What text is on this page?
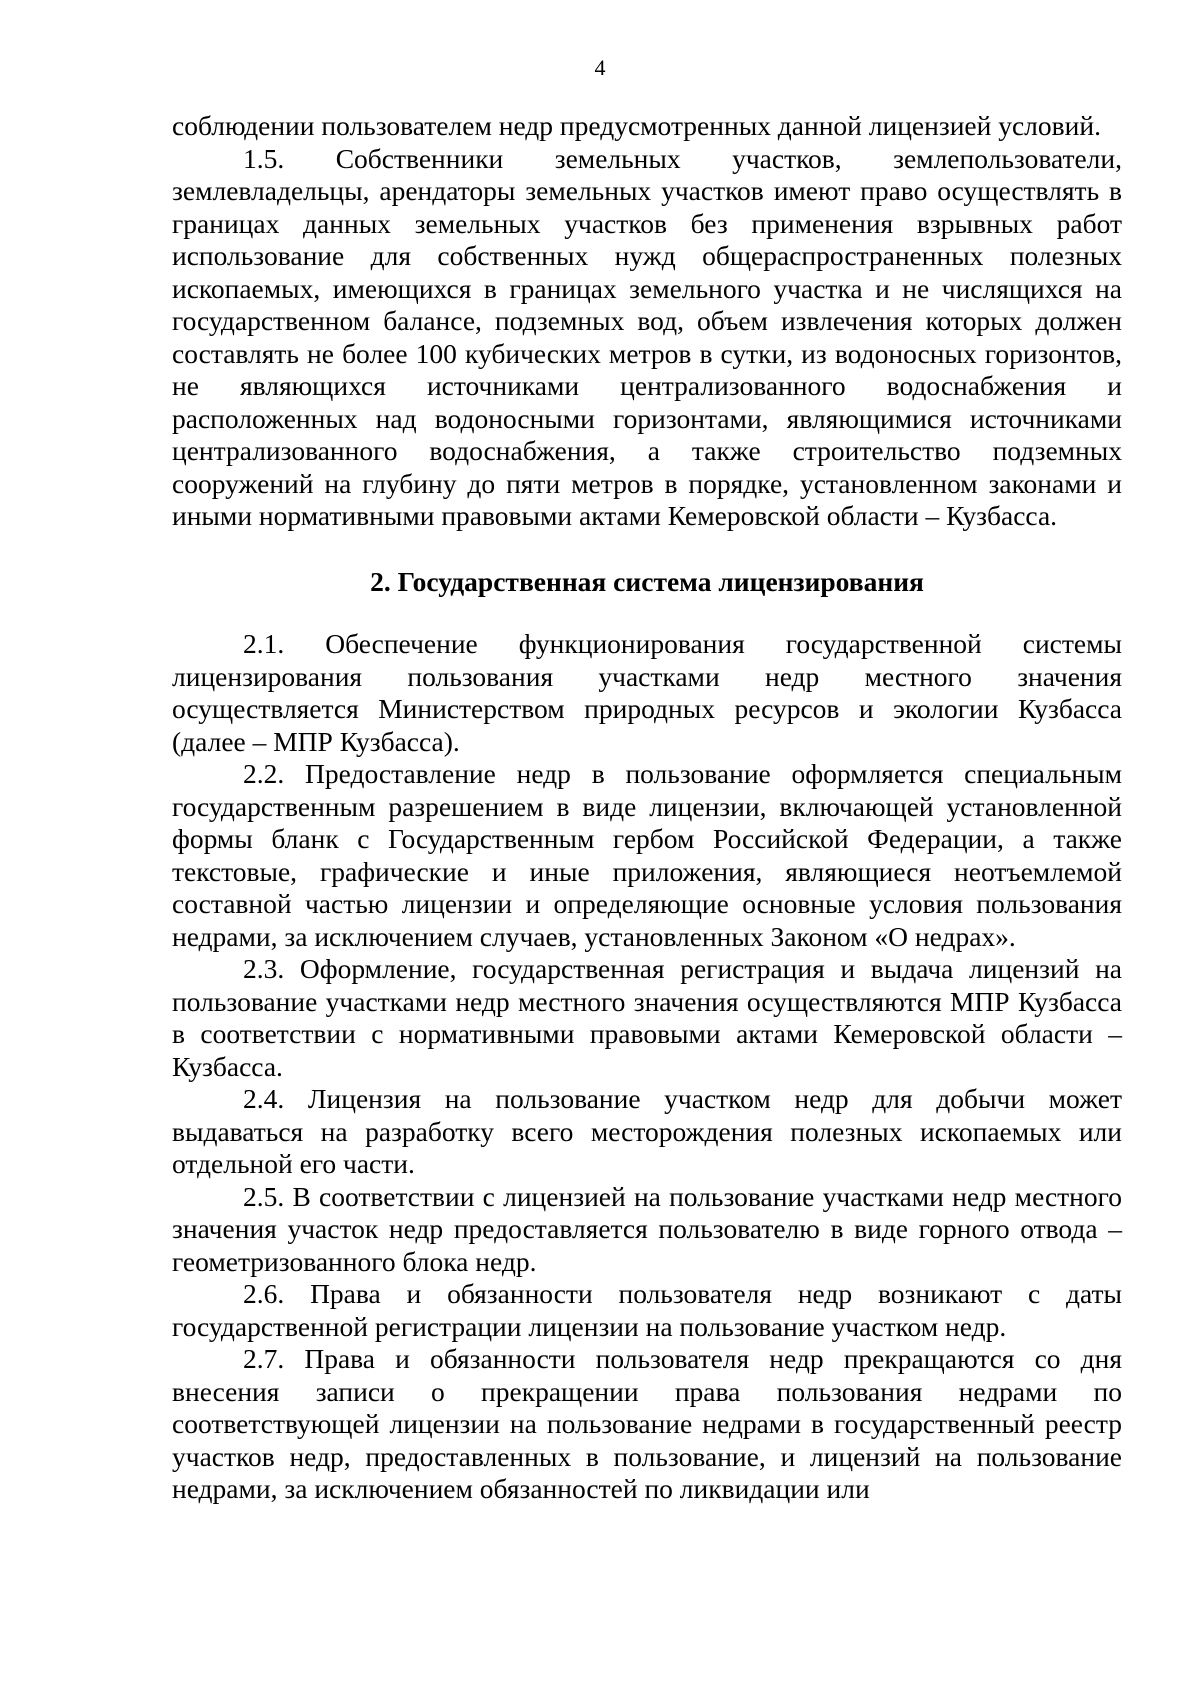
4

соблюдении пользователем недр предусмотренных данной лицензией условий.

1.5. Собственники земельных участков, землепользователи, землевладельцы, арендаторы земельных участков имеют право осуществлять в границах данных земельных участков без применения взрывных работ использование для собственных нужд общераспространенных полезных ископаемых, имеющихся в границах земельного участка и не числящихся на государственном балансе, подземных вод, объем извлечения которых должен составлять не более 100 кубических метров в сутки, из водоносных горизонтов, не являющихся источниками централизованного водоснабжения и расположенных над водоносными горизонтами, являющимися источниками централизованного водоснабжения, а также строительство подземных сооружений на глубину до пяти метров в порядке, установленном законами и иными нормативными правовыми актами Кемеровской области – Кузбасса.

2. Государственная система лицензирования

2.1. Обеспечение функционирования государственной системы лицензирования пользования участками недр местного значения осуществляется Министерством природных ресурсов и экологии Кузбасса (далее – МПР Кузбасса).

2.2. Предоставление недр в пользование оформляется специальным государственным разрешением в виде лицензии, включающей установленной формы бланк с Государственным гербом Российской Федерации, а также текстовые, графические и иные приложения, являющиеся неотъемлемой составной частью лицензии и определяющие основные условия пользования недрами, за исключением случаев, установленных Законом «О недрах».

2.3. Оформление, государственная регистрация и выдача лицензий на пользование участками недр местного значения осуществляются МПР Кузбасса в соответствии с нормативными правовыми актами Кемеровской области – Кузбасса.

2.4. Лицензия на пользование участком недр для добычи может выдаваться на разработку всего месторождения полезных ископаемых или отдельной его части.

2.5. В соответствии с лицензией на пользование участками недр местного значения участок недр предоставляется пользователю в виде горного отвода – геометризованного блока недр.

2.6. Права и обязанности пользователя недр возникают с даты государственной регистрации лицензии на пользование участком недр.

2.7. Права и обязанности пользователя недр прекращаются со дня внесения записи о прекращении права пользования недрами по соответствующей лицензии на пользование недрами в государственный реестр участков недр, предоставленных в пользование, и лицензий на пользование недрами, за исключением обязанностей по ликвидации или
